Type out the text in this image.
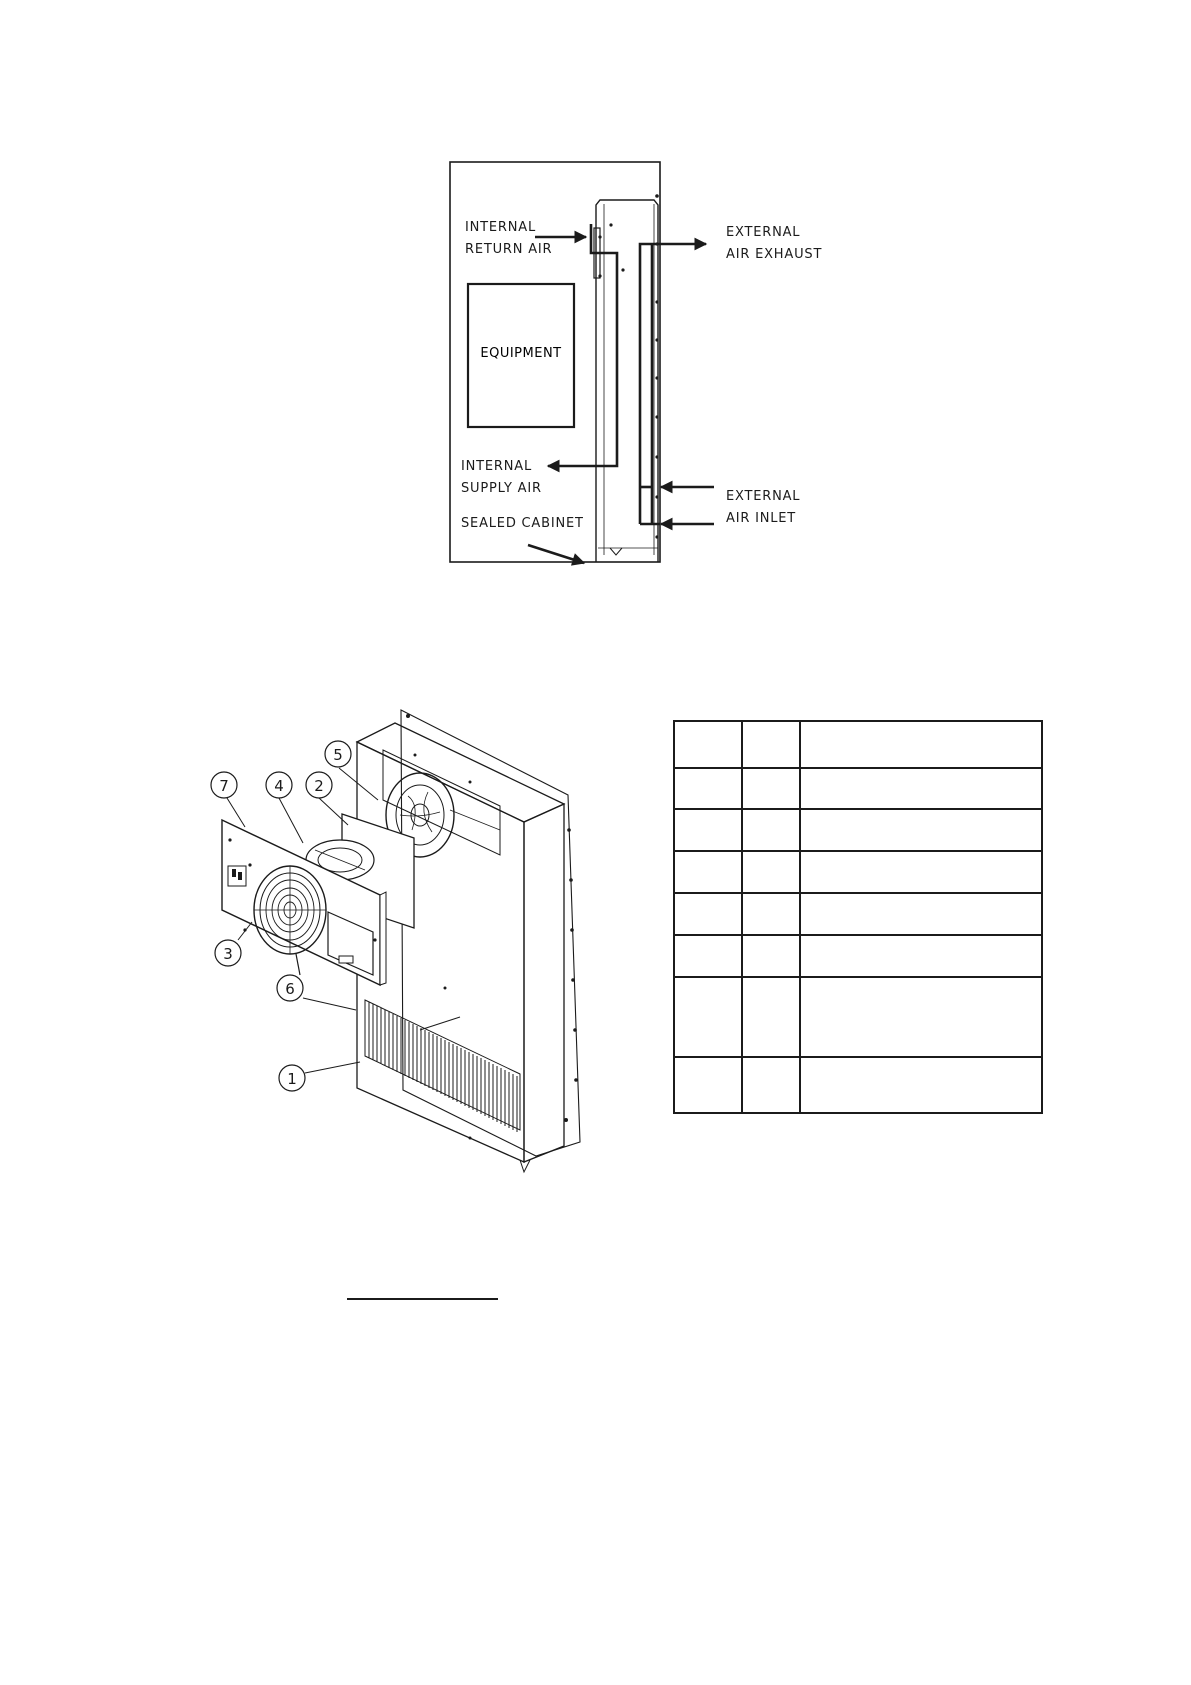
EQUIPMENT
INTERNAL
RETURN AIR
EXTERNAL
AIR EXHAUST
INTERNAL
SUPPLY AIR
SEALED CABINET
EXTERNAL
AIR INLET
7	4 2
5
3
6
1
